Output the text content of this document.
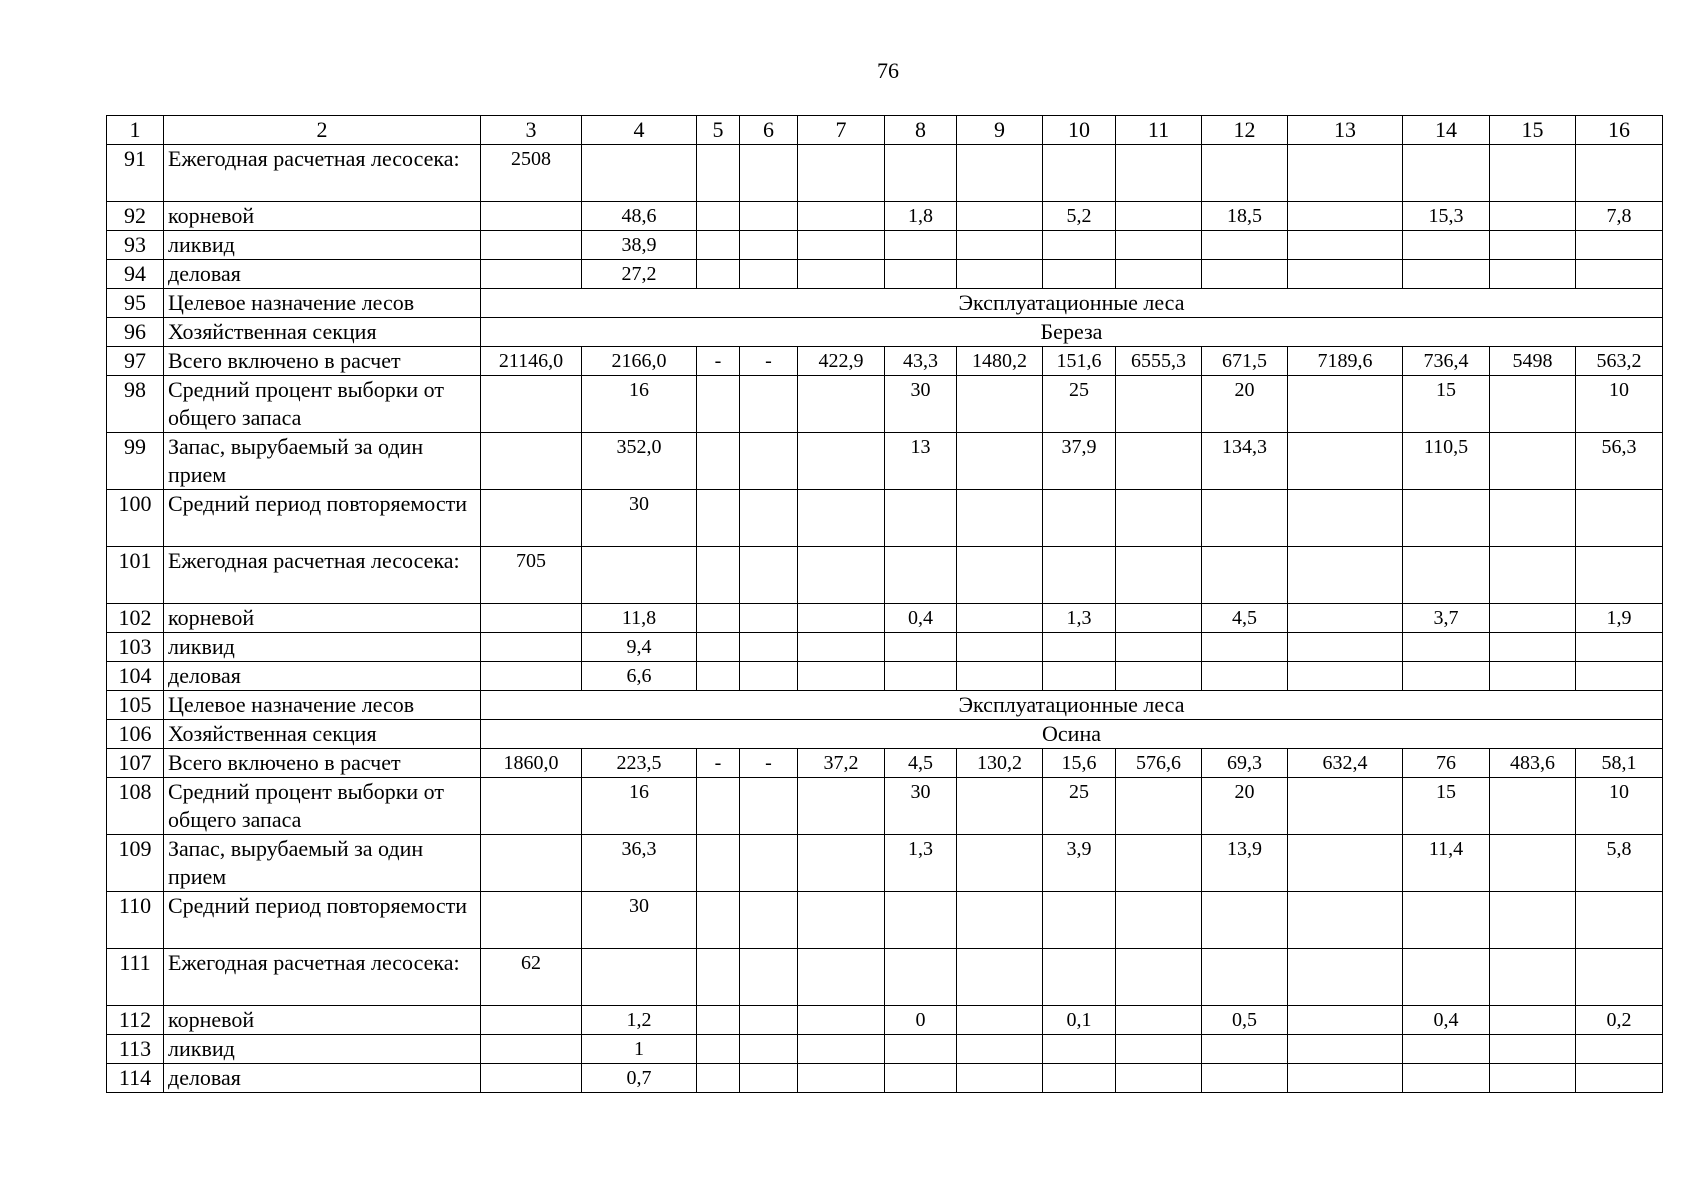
76
1	2	3	4	5	6	7	8	9	10	11	12	13	14	15	16
91	Ежегодная расчетная лесосека:	2508													
92	корневой		48,6				1,8		5,2		18,5		15,3		7,8
93	ликвид		38,9												
94	деловая		27,2												
95	Целевое назначение лесов	Эксплуатационные леса													
96	Хозяйственная секция	Береза													
97	Всего включено в расчет	21146,0	2166,0	-	-	422,9	43,3	1480,2	151,6	6555,3	671,5	7189,6	736,4	5498	563,2
98	Средний процент выборки от общего запаса		16				30		25		20		15		10
99	Запас, вырубаемый за один прием		352,0				13		37,9		134,3		110,5		56,3
100	Средний период повторяемости		30												
101	Ежегодная расчетная лесосека:	705													
102	корневой		11,8				0,4		1,3		4,5		3,7		1,9
103	ликвид		9,4												
104	деловая		6,6												
105	Целевое назначение лесов	Эксплуатационные леса													
106	Хозяйственная секция	Осина													
107	Всего включено в расчет	1860,0	223,5	-	-	37,2	4,5	130,2	15,6	576,6	69,3	632,4	76	483,6	58,1
108	Средний процент выборки от общего запаса		16				30		25		20		15		10
109	Запас, вырубаемый за один прием		36,3				1,3		3,9		13,9		11,4		5,8
110	Средний период повторяемости		30												
111	Ежегодная расчетная лесосека:	62													
112	корневой		1,2				0		0,1		0,5		0,4		0,2
113	ликвид		1												
114	деловая		0,7												
